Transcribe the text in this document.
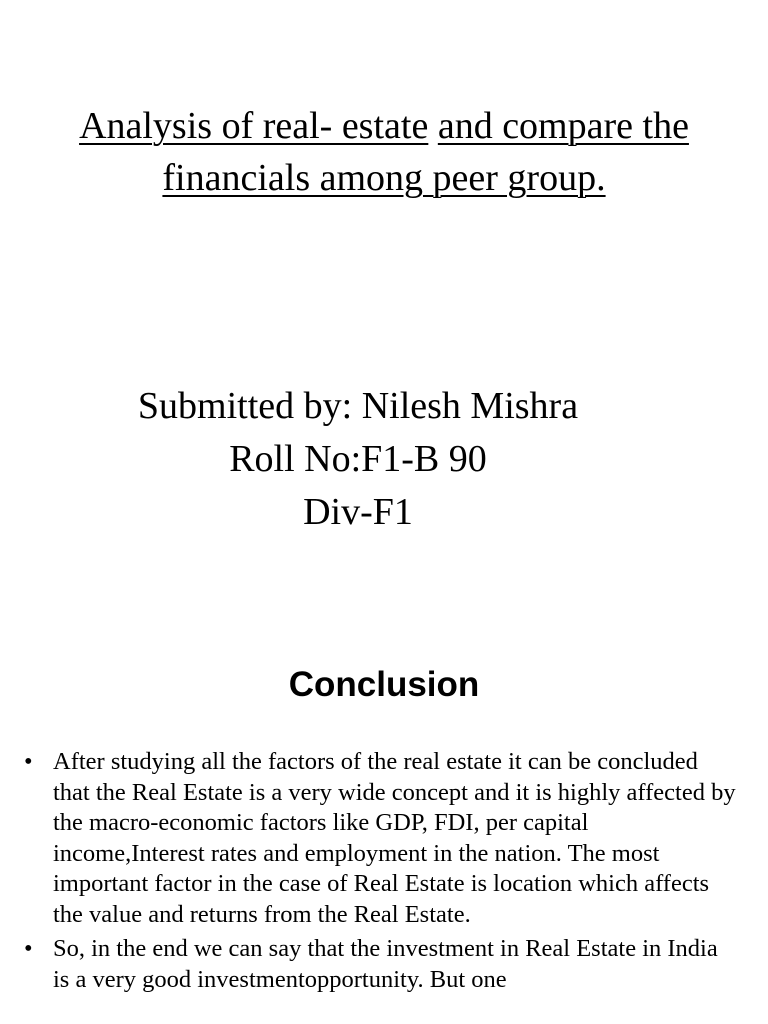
Analysis of real- estate and compare the
financials among peer group.
Submitted by: Nilesh Mishra
Roll No:F1-B 90
Div-F1
Conclusion
• After studying all the factors of the real estate it can be concluded that the Real Estate is a very wide concept and it is highly affected by the macro-economic factors like GDP, FDI, per capital income,Interest rates and employment in the nation. The most important factor in the case of Real Estate is location which affects the value and returns from the Real Estate.
• So, in the end we can say that the investment in Real Estate in India is a very good investmentopportunity. But one
